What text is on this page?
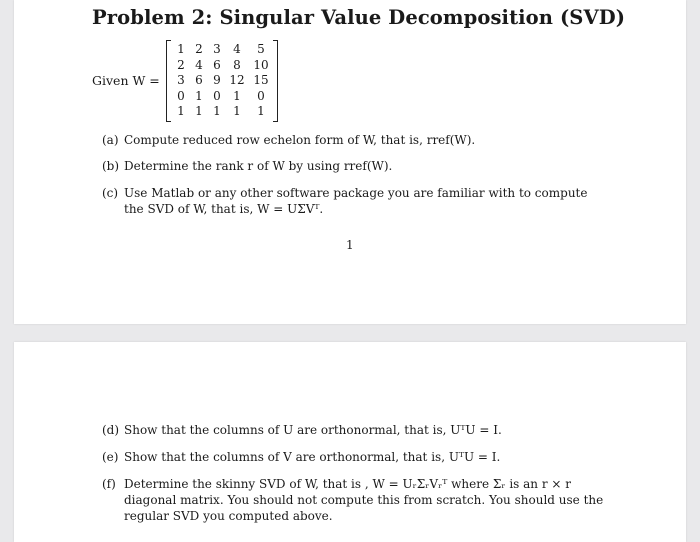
Problem 2: Singular Value Decomposition (SVD)
Given W =
1 2 3	4	5
2 4 6	8	10
3 6 9 12 15
0 1 0	1	0
1 1 1	1	1
(a) Compute reduced row echelon form of W, that is, rref(W).
(b) Determine the rank r of W by using rref(W).
(c) Use Matlab or any other software package you are familiar with to compute the SVD of W, that is, W = UΣVᵀ.
1
(d) Show that the columns of U are orthonormal, that is, UᵀU = I.
(e) Show that the columns of V are orthonormal, that is, UᵀU = I.
(f) Determine the skinny SVD of W, that is , W = UᵣΣᵣVᵣᵀ where Σᵣ is an r × r diagonal matrix. You should not compute this from scratch. You should use the regular SVD you computed above.
